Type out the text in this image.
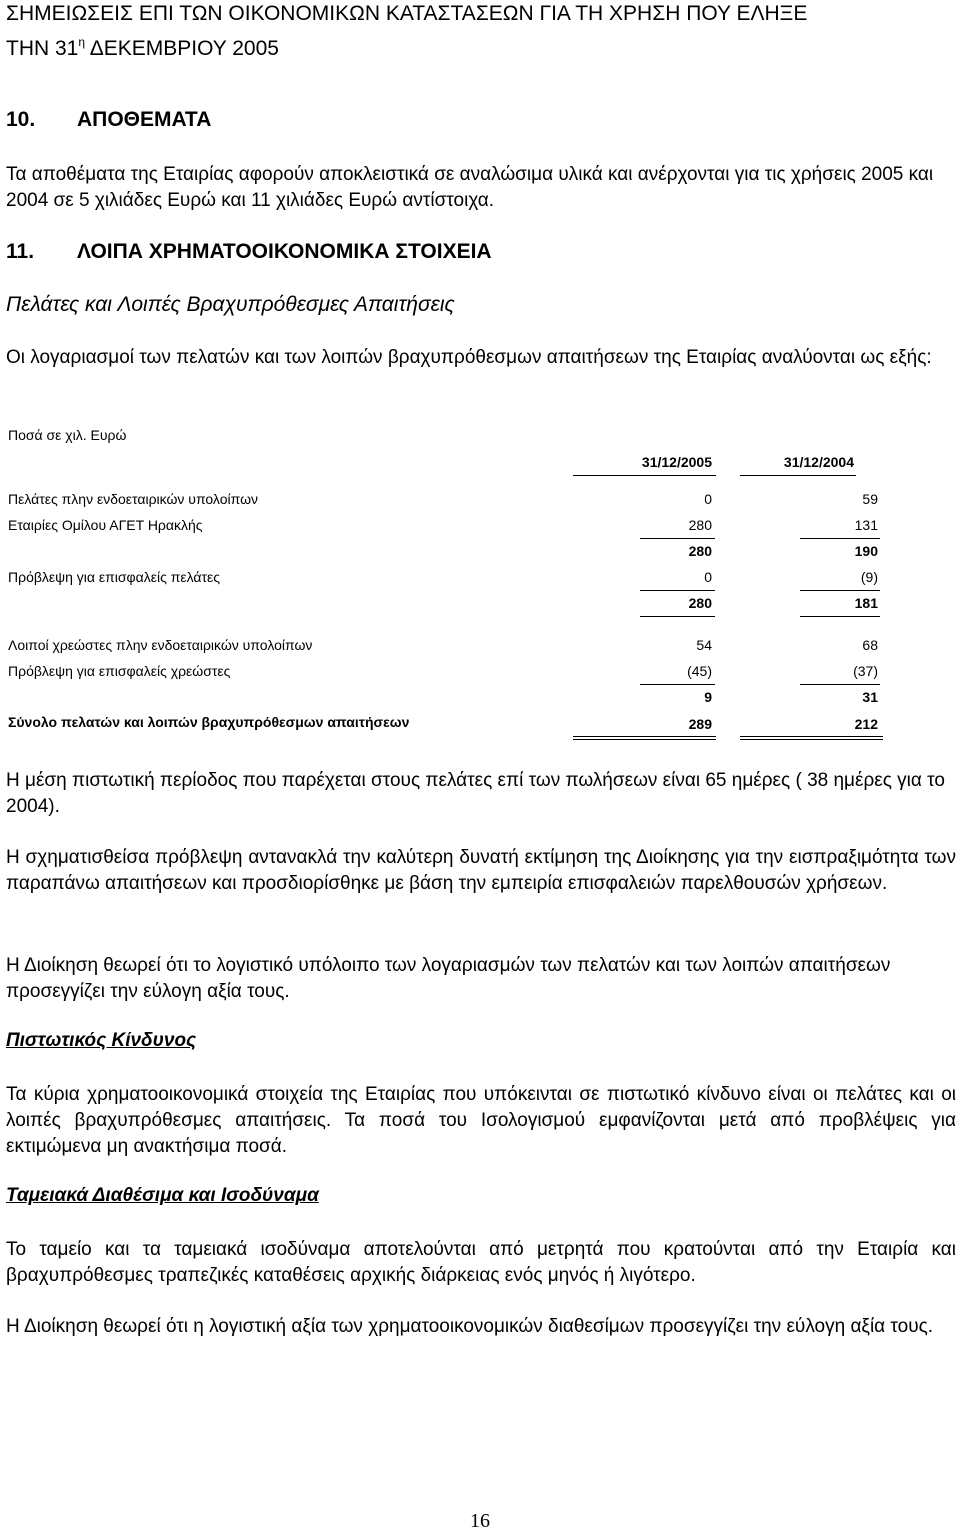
ΣΗΜΕΙΩΣΕΙΣ ΕΠΙ ΤΩΝ ΟΙΚΟΝΟΜΙΚΩΝ ΚΑΤΑΣΤΑΣΕΩΝ ΓΙΑ ΤΗ ΧΡΗΣΗ ΠΟΥ ΕΛΗΞΕ
ΤΗΝ $31^\eta$ ΔΕΚΕΜΒΡΙΟΥ 2005
10. ΑΠΟΘΕΜΑΤΑ

Τα αποθέματα της Εταιρίας αφορούν αποκλειστικά σε αναλώσιμα υλικά και ανέρχονται για τις χρήσεις 2005 και 2004 σε 5 χιλιάδες Ευρώ και 11 χιλιάδες Ευρώ αντίστοιχα.

11. ΛΟΙΠΑ ΧΡΗΜΑΤΟΟΙΚΟΝΟΜΙΚΑ ΣΤΟΙΧΕΙΑ
Πελάτες και Λοιπές Βραχυπρόθεσμες Απαιτήσεις

Οι λογαριασμοί των πελατών και των λοιπών βραχυπρόθεσμων απαιτήσεων της Εταιρίας αναλύονται ως εξής:

Ποσά σε χιλ. Ευρώ
31/12/2005	31/12/2004
Πελάτες πλην ενδοεταιρικών υπολοίπων	0	59
Εταιρίες Ομίλου ΑΓΕΤ Ηρακλής	280	131
280	190
Πρόβλεψη για επισφαλείς πελάτες	0	(9)
280	181
Λοιποί χρεώστες πλην ενδοεταιρικών υπολοίπων	54	68
Πρόβλεψη για επισφαλείς χρεώστες	(45)	(37)
9	31
Σύνολο πελατών και λοιπών βραχυπρόθεσμων απαιτήσεων	289	212

Η μέση πιστωτική περίοδος που παρέχεται στους πελάτες επί των πωλήσεων είναι 65 ημέρες ( 38 ημέρες για το 2004).

Η σχηματισθείσα πρόβλεψη αντανακλά την καλύτερη δυνατή εκτίμηση της Διοίκησης για την εισπραξιμότητα των παραπάνω απαιτήσεων και προσδιορίσθηκε με βάση την εμπειρία επισφαλειών παρελθουσών χρήσεων.

Η Διοίκηση θεωρεί ότι το λογιστικό υπόλοιπο των λογαριασμών των πελατών και των λοιπών απαιτήσεων προσεγγίζει την εύλογη αξία τους.

Πιστωτικός Κίνδυνος

Τα κύρια χρηματοοικονομικά στοιχεία της Εταιρίας που υπόκεινται σε πιστωτικό κίνδυνο είναι οι πελάτες και οι λοιπές βραχυπρόθεσμες απαιτήσεις. Τα ποσά του Ισολογισμού εμφανίζονται μετά από προβλέψεις για εκτιμώμενα μη ανακτήσιμα ποσά.

Ταμειακά Διαθέσιμα και Ισοδύναμα

Το ταμείο και τα ταμειακά ισοδύναμα αποτελούνται από μετρητά που κρατούνται από την Εταιρία και βραχυπρόθεσμες τραπεζικές καταθέσεις αρχικής διάρκειας ενός μηνός ή λιγότερο.

Η Διοίκηση θεωρεί ότι η λογιστική αξία των χρηματοοικονομικών διαθεσίμων προσεγγίζει την εύλογη αξία τους.

16
